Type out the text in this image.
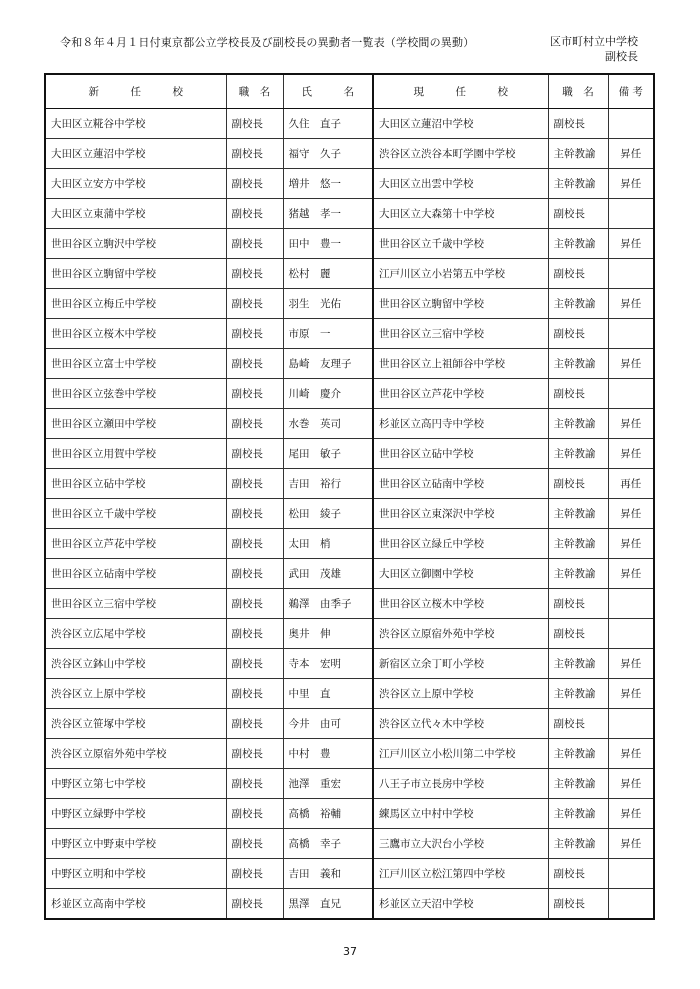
令和８年４月１日付東京都公立学校長及び副校長の異動者一覧表（学校間の異動）	区市町村立中学校
副校長
新　　　任　　　校	職　名	氏　　　名	現　　　任　　　校	職　名	備 考
大田区立糀谷中学校	副校長	久住　直子	大田区立蓮沼中学校	副校長	
大田区立蓮沼中学校	副校長	福守　久子	渋谷区立渋谷本町学園中学校	主幹教諭	昇任
大田区立安方中学校	副校長	増井　悠一	大田区立出雲中学校	主幹教諭	昇任
大田区立東蒲中学校	副校長	猪越　孝一	大田区立大森第十中学校	副校長	
世田谷区立駒沢中学校	副校長	田中　豊一	世田谷区立千歳中学校	主幹教諭	昇任
世田谷区立駒留中学校	副校長	松村　麗	江戸川区立小岩第五中学校	副校長	
世田谷区立梅丘中学校	副校長	羽生　光佑	世田谷区立駒留中学校	主幹教諭	昇任
世田谷区立桜木中学校	副校長	市原　一	世田谷区立三宿中学校	副校長	
世田谷区立富士中学校	副校長	島崎　友理子	世田谷区立上祖師谷中学校	主幹教諭	昇任
世田谷区立弦巻中学校	副校長	川崎　慶介	世田谷区立芦花中学校	副校長	
世田谷区立瀬田中学校	副校長	水巻　英司	杉並区立高円寺中学校	主幹教諭	昇任
世田谷区立用賀中学校	副校長	尾田　敏子	世田谷区立砧中学校	主幹教諭	昇任
世田谷区立砧中学校	副校長	吉田　裕行	世田谷区立砧南中学校	副校長	再任
世田谷区立千歳中学校	副校長	松田　綾子	世田谷区立東深沢中学校	主幹教諭	昇任
世田谷区立芦花中学校	副校長	太田　梢	世田谷区立緑丘中学校	主幹教諭	昇任
世田谷区立砧南中学校	副校長	武田　茂雄	大田区立御園中学校	主幹教諭	昇任
世田谷区立三宿中学校	副校長	鵜澤　由季子	世田谷区立桜木中学校	副校長	
渋谷区立広尾中学校	副校長	奥井　伸	渋谷区立原宿外苑中学校	副校長	
渋谷区立鉢山中学校	副校長	寺本　宏明	新宿区立余丁町小学校	主幹教諭	昇任
渋谷区立上原中学校	副校長	中里　直	渋谷区立上原中学校	主幹教諭	昇任
渋谷区立笹塚中学校	副校長	今井　由可	渋谷区立代々木中学校	副校長	
渋谷区立原宿外苑中学校	副校長	中村　豊	江戸川区立小松川第二中学校	主幹教諭	昇任
中野区立第七中学校	副校長	池澤　重宏	八王子市立長房中学校	主幹教諭	昇任
中野区立緑野中学校	副校長	高橋　裕輔	練馬区立中村中学校	主幹教諭	昇任
中野区立中野東中学校	副校長	高橋　幸子	三鷹市立大沢台小学校	主幹教諭	昇任
中野区立明和中学校	副校長	吉田　義和	江戸川区立松江第四中学校	副校長	
杉並区立高南中学校	副校長	黒澤　直兄	杉並区立天沼中学校	副校長	
37
